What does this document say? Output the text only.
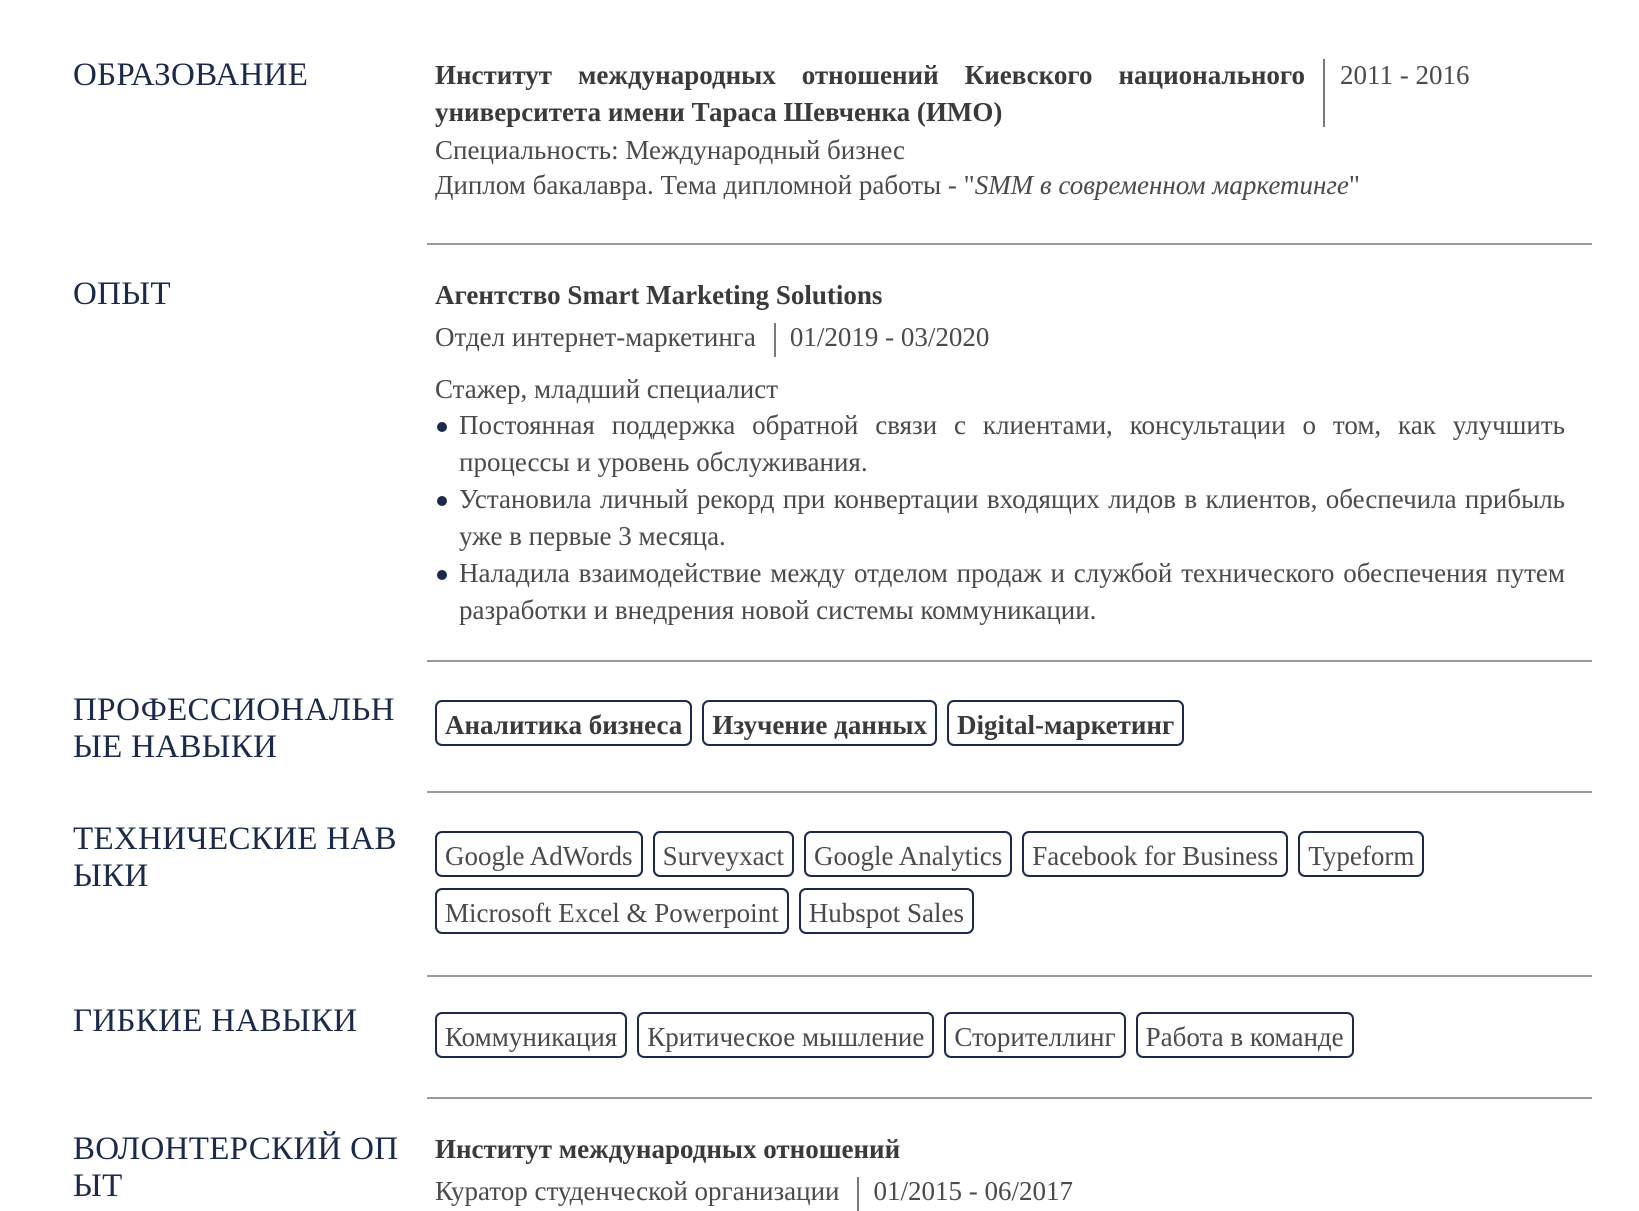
ОБРАЗОВАНИЕ	Институт международных отношений Киевского национального университета имени Тараса Шевченка (ИМО)
2011 - 2016
Специальность: Международный бизнес
Диплом бакалавра. Тема дипломной работы - "SMM в современном маркетинге"
ОПЫТ	Агентство Smart Marketing Solutions
Отдел интернет-маркетинга 01/2019 - 03/2020
Стажер, младший специалист
Постоянная поддержка обратной связи с клиентами, консультации о том, как улучшить процессы и уровень обслуживания.
Установила личный рекорд при конвертации входящих лидов в клиентов, обеспечила прибыль уже в первые 3 месяца.
Наладила взаимодействие между отделом продаж и службой технического обеспечения путем разработки и внедрения новой системы коммуникации.
ПРОФЕССИОНАЛЬНЫЕ НАВЫКИ
Аналитика бизнеса	Изучение данных	Digital-маркетинг
ТЕХНИЧЕСКИЕ НАВЫКИ
Google AdWords	Surveyxact	Google Analytics	Facebook for Business	Typeform
Microsoft Excel & Powerpoint	Hubspot Sales
ГИБКИЕ НАВЫКИ	Коммуникация	Критическое мышление	Сторителлинг	Работа в команде
ВОЛОНТЕРСКИЙ ОПЫТ
Институт международных отношений
Куратор студенческой организации 01/2015 - 06/2017
